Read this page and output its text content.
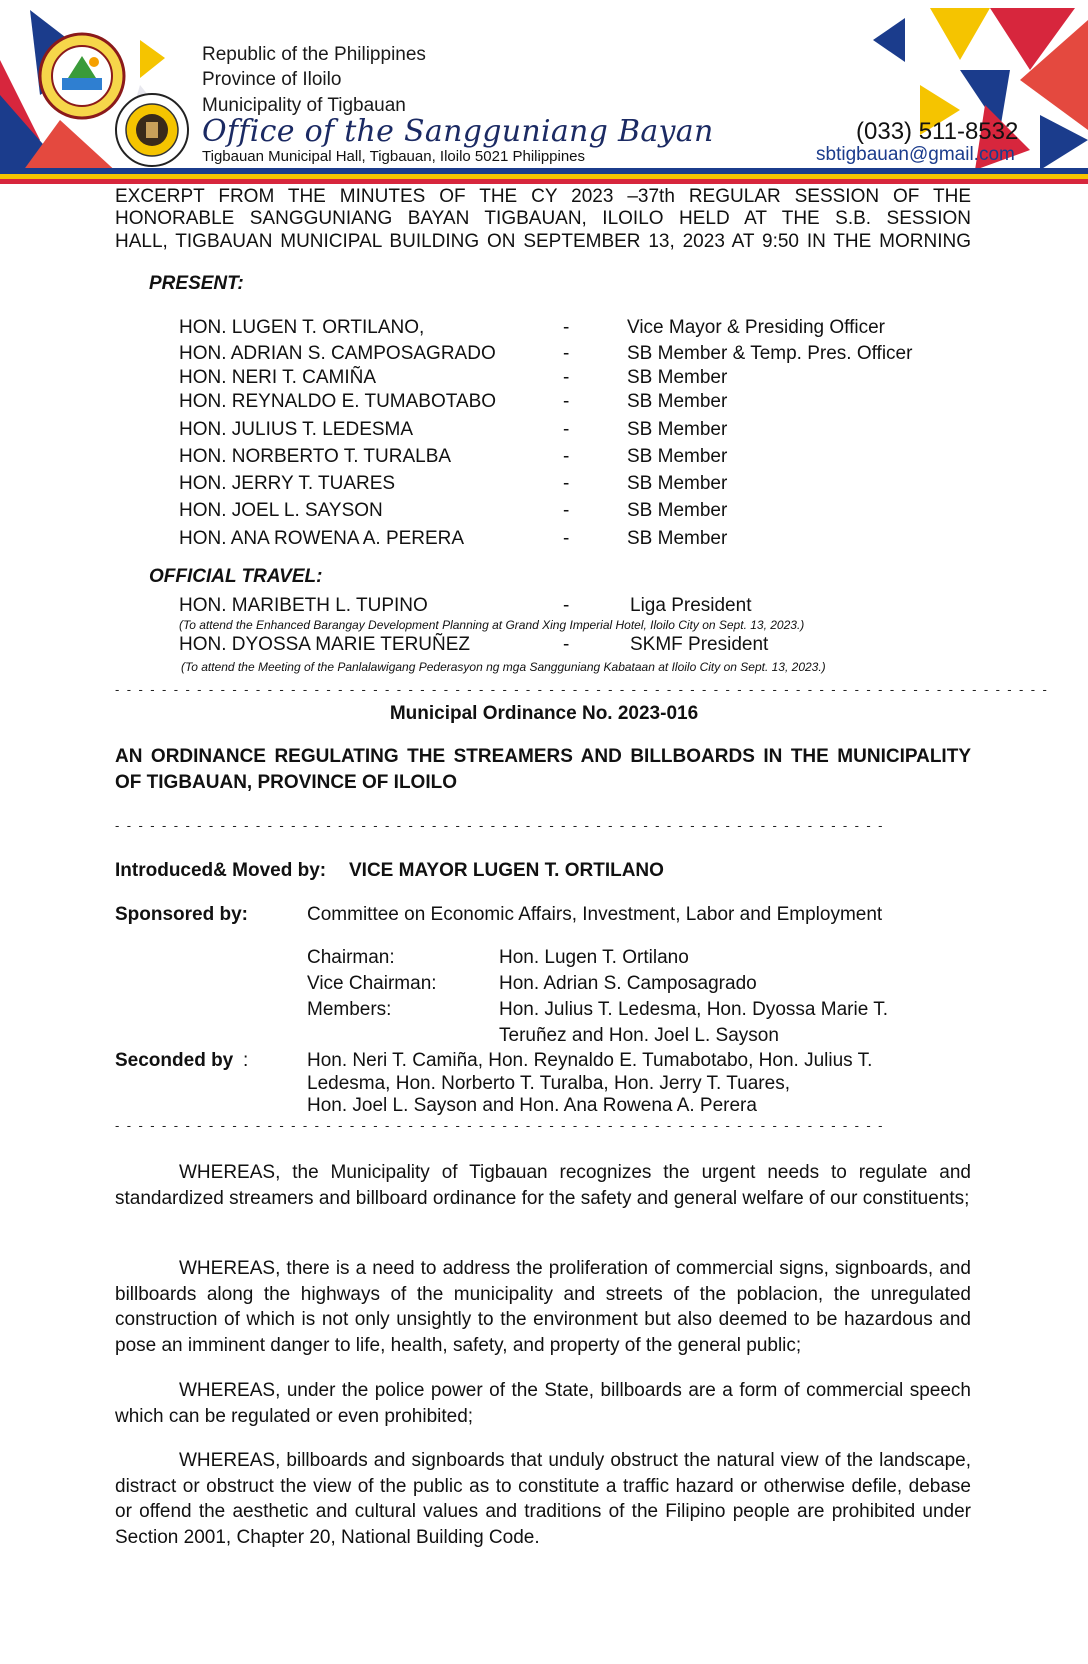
Republic of the Philippines
Province of Iloilo
Municipality of Tigbauan
Office of the Sangguniang Bayan
Tigbauan Municipal Hall, Tigbauan, Iloilo 5021 Philippines
(033) 511-8532
sbtigbauan@gmail.com
EXCERPT FROM THE MINUTES OF THE CY 2023 –37th REGULAR SESSION OF THE
HONORABLE SANGGUNIANG BAYAN TIGBAUAN, ILOILO HELD AT THE S.B. SESSION
HALL, TIGBAUAN MUNICIPAL BUILDING ON SEPTEMBER 13, 2023 AT 9:50 IN THE MORNING
PRESENT:
HON. LUGEN T. ORTILANO,	-	Vice Mayor & Presiding Officer
HON. ADRIAN S. CAMPOSAGRADO	-	SB Member & Temp. Pres. Officer
HON. NERI T. CAMIÑA	-	SB Member
HON. REYNALDO E. TUMABOTABO	-	SB Member
HON. JULIUS T. LEDESMA	-	SB Member
HON. NORBERTO T. TURALBA	-	SB Member
HON. JERRY T. TUARES	-	SB Member
HON. JOEL L. SAYSON	-	SB Member
HON. ANA ROWENA A. PERERA	-	SB Member
OFFICIAL TRAVEL:
HON. MARIBETH L. TUPINO	-	Liga President
(To attend the Enhanced Barangay Development Planning at Grand Xing Imperial Hotel, Iloilo City on Sept. 13, 2023.)
HON. DYOSSA MARIE TERUÑEZ	-	SKMF President
(To attend the Meeting of the Panlalawigang Pederasyon ng mga Sangguniang Kabataan at Iloilo City on Sept. 13, 2023.)
- - - - - - - - - - - - - - - - - - - - - - - - - - - - - - - - - - - - - - - - - - - - - - - - - - - - - - - - - - - - - - - - - - - - - - - - - - - - - - - -
Municipal Ordinance No. 2023-016
AN ORDINANCE REGULATING THE STREAMERS AND BILLBOARDS IN THE MUNICIPALITY
OF TIGBAUAN, PROVINCE OF ILOILO
- - - - - - - - - - - - - - - - - - - - - - - - - - - - - - - - - - - - - - - - - - - - - - - - - - - - - - - - - - - - - - - - - -
Introduced& Moved by: VICE MAYOR LUGEN T. ORTILANO
Sponsored by:	Committee on Economic Affairs, Investment, Labor and Employment
Chairman:	Hon. Lugen T. Ortilano
Vice Chairman:	Hon. Adrian S. Camposagrado
Members:	Hon. Julius T. Ledesma, Hon. Dyossa Marie T.
Teruñez and Hon. Joel L. Sayson
Seconded by :	Hon. Neri T. Camiña, Hon. Reynaldo E. Tumabotabo, Hon. Julius T.
Ledesma, Hon. Norberto T. Turalba, Hon. Jerry T. Tuares,
Hon. Joel L. Sayson and Hon. Ana Rowena A. Perera
- - - - - - - - - - - - - - - - - - - - - - - - - - - - - - - - - - - - - - - - - - - - - - - - - - - - - - - - - - - - - - - - - -
WHEREAS, the Municipality of Tigbauan recognizes the urgent needs to regulate and standardized streamers and billboard ordinance for the safety and general welfare of our constituents;
WHEREAS, there is a need to address the proliferation of commercial signs, signboards, and billboards along the highways of the municipality and streets of the poblacion, the unregulated construction of which is not only unsightly to the environment but also deemed to be hazardous and pose an imminent danger to life, health, safety, and property of the general public;
WHEREAS, under the police power of the State, billboards are a form of commercial speech which can be regulated or even prohibited;
WHEREAS, billboards and signboards that unduly obstruct the natural view of the landscape, distract or obstruct the view of the public as to constitute a traffic hazard or otherwise defile, debase or offend the aesthetic and cultural values and traditions of the Filipino people are prohibited under Section 2001, Chapter 20, National Building Code.
